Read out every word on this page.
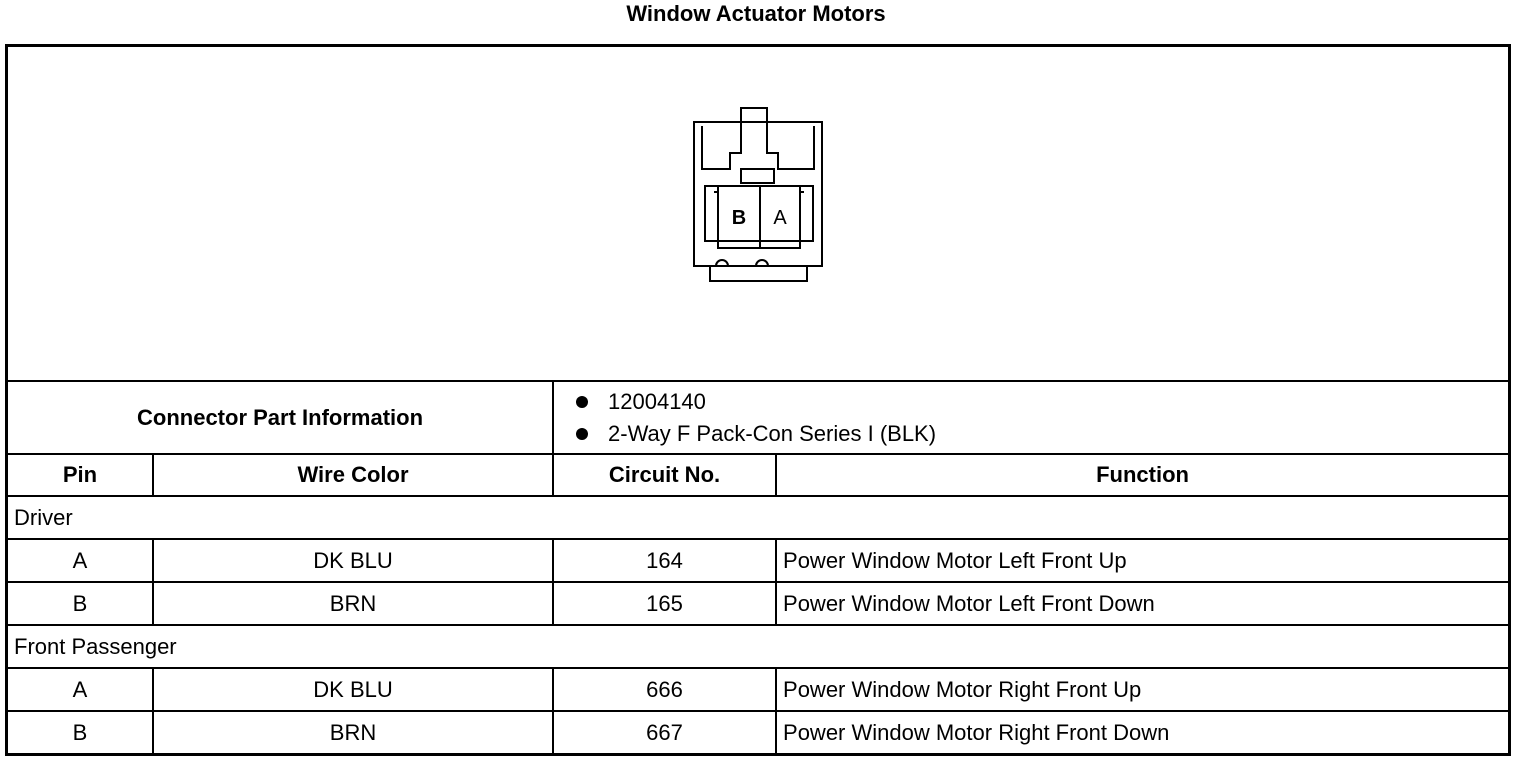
Window Actuator Motors
B A
Connector Part Information		12004140
2-Way F Pack-Con Series I (BLK)	

Pin	Wire Color	Circuit No.	Function
Driver			
A	DK BLU	164	Power Window Motor Left Front Up
B	BRN	165	Power Window Motor Left Front Down
Front Passenger			
A	DK BLU	666	Power Window Motor Right Front Up
B	BRN	667	Power Window Motor Right Front Down
